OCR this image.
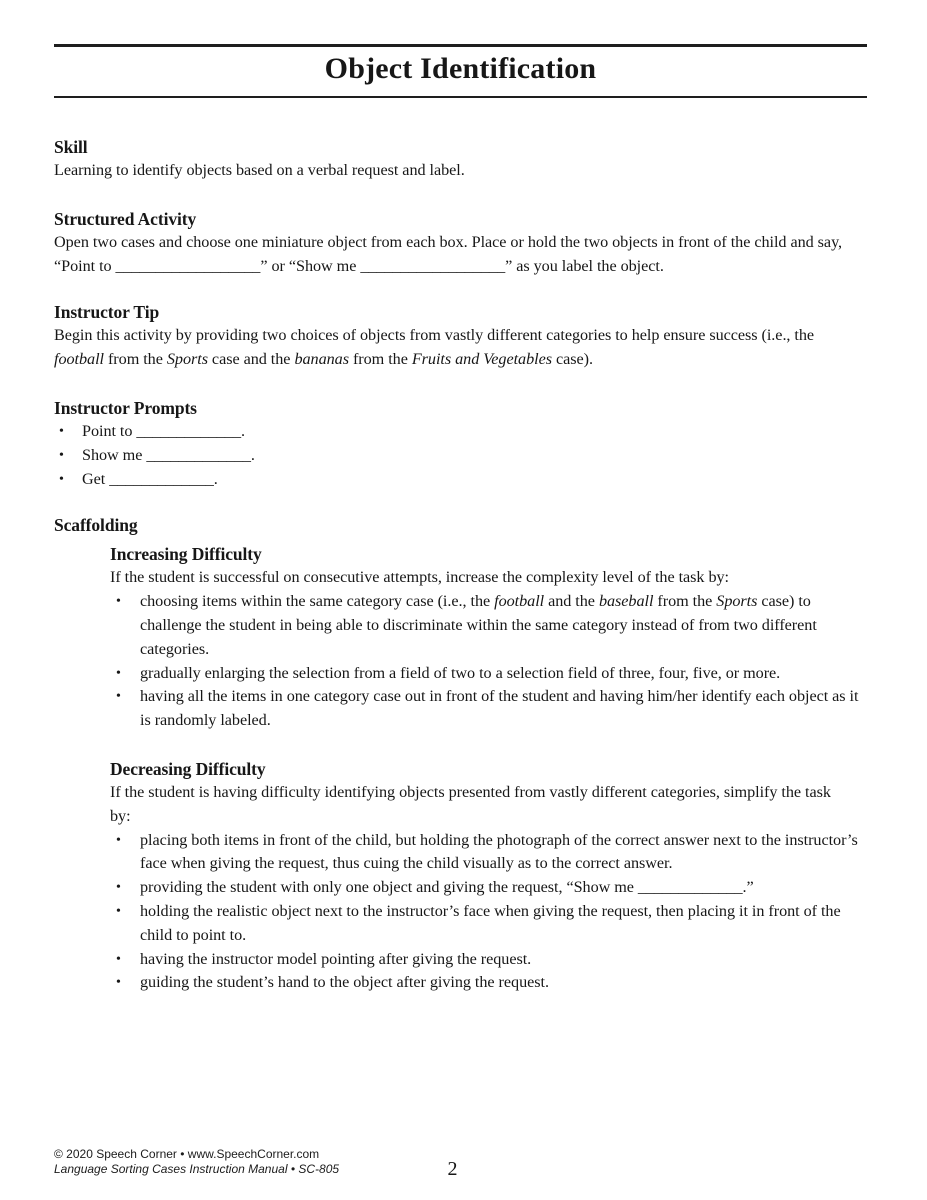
Object Identification
Skill

Learning to identify objects based on a verbal request and label.

Structured Activity

Open two cases and choose one miniature object from each box. Place or hold the two objects in front of the child and say, “Point to __________________” or “Show me __________________” as you label the object.

Instructor Tip

Begin this activity by providing two choices of objects from vastly different categories to help ensure success (i.e., the football from the Sports case and the bananas from the Fruits and Vegetables case).

Instructor Prompts
•	Point to _____________.
•	Show me _____________.
•	Get _____________.
Scaffolding
Increasing Difficulty

If the student is successful on consecutive attempts, increase the complexity level of the task by:

•	choosing items within the same category case (i.e., the football and the baseball from the Sports case) to challenge the student in being able to discriminate within the same category instead of from two different categories.
•	gradually enlarging the selection from a field of two to a selection field of three, four, five, or more.
•	having all the items in one category case out in front of the student and having him/her identify each object as it is randomly labeled.
Decreasing Difficulty

If the student is having difficulty identifying objects presented from vastly different categories, simplify the task by:

•	placing both items in front of the child, but holding the photograph of the correct answer next to the instructor’s face when giving the request, thus cuing the child visually as to the correct answer.
•	providing the student with only one object and giving the request, “Show me _____________.”
•	holding the realistic object next to the instructor’s face when giving the request, then placing it in front of the child to point to.
•	having the instructor model pointing after giving the request.
•	guiding the student’s hand to the object after giving the request.
© 2020 Speech Corner • www.SpeechCorner.com
Language Sorting Cases Instruction Manual • SC-805	2
